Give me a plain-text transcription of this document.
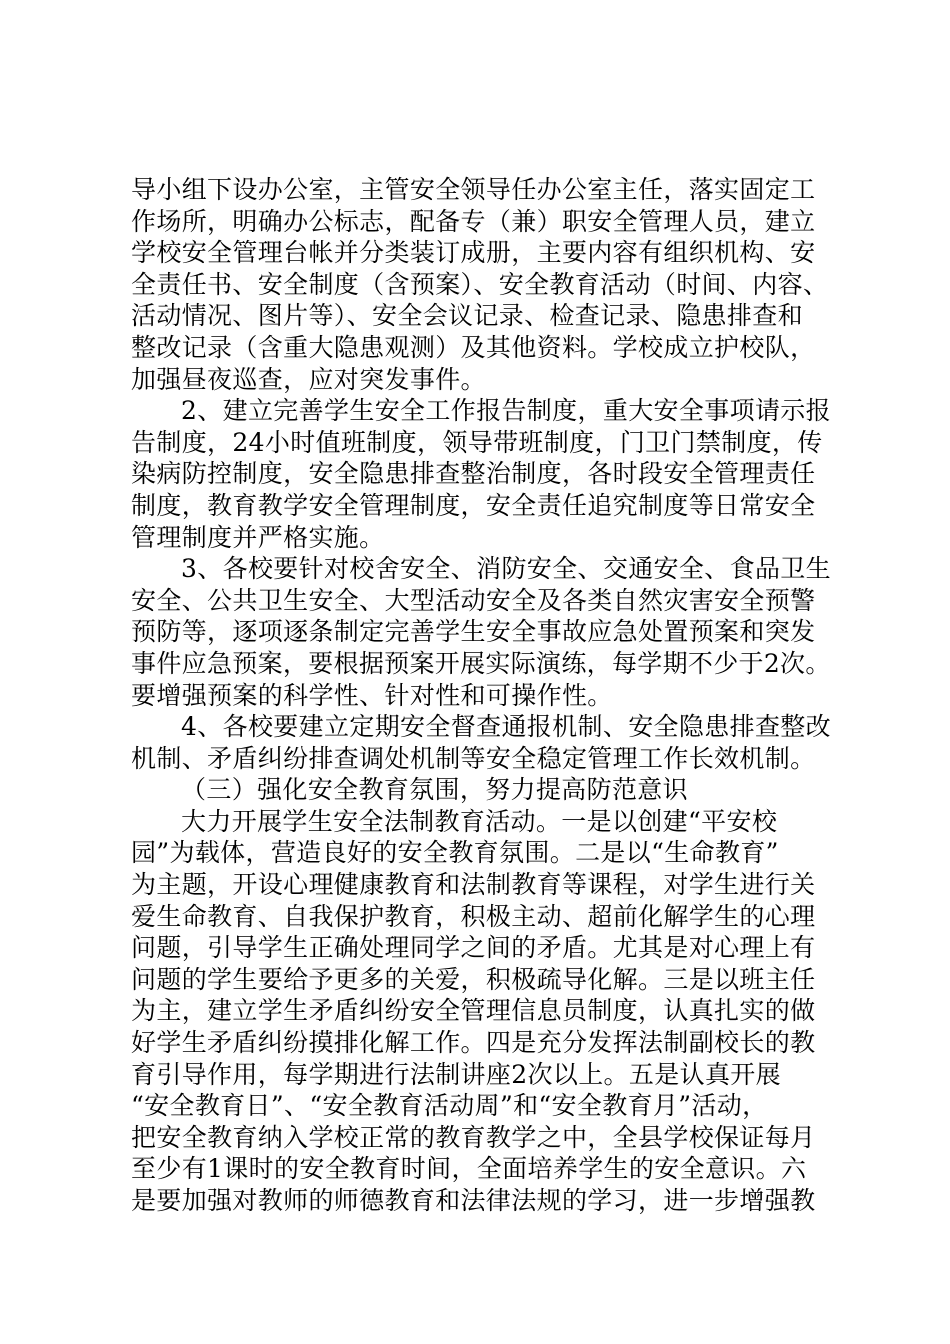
导小组下设办公室，主管安全领导任办公室主任，落实固定工
作场所，明确办公标志，配备专（兼）职安全管理人员，建立
学校安全管理台帐并分类装订成册，主要内容有组织机构、安
全责任书、安全制度（含预案）、安全教育活动（时间、内容、
活动情况、图片等）、安全会议记录、检查记录、隐患排查和
整改记录（含重大隐患观测）及其他资料。学校成立护校队，
加强昼夜巡查，应对突发事件。
2、建立完善学生安全工作报告制度，重大安全事项请示报
告制度，24小时值班制度，领导带班制度，门卫门禁制度，传
染病防控制度，安全隐患排查整治制度，各时段安全管理责任
制度，教育教学安全管理制度，安全责任追究制度等日常安全
管理制度并严格实施。
3、各校要针对校舍安全、消防安全、交通安全、食品卫生
安全、公共卫生安全、大型活动安全及各类自然灾害安全预警
预防等，逐项逐条制定完善学生安全事故应急处置预案和突发
事件应急预案，要根据预案开展实际演练，每学期不少于2次。
要增强预案的科学性、针对性和可操作性。
4、各校要建立定期安全督查通报机制、安全隐患排查整改
机制、矛盾纠纷排查调处机制等安全稳定管理工作长效机制。
（三）强化安全教育氛围，努力提高防范意识
大力开展学生安全法制教育活动。一是以创建“平安校
园”为载体，营造良好的安全教育氛围。二是以“生命教育”
为主题，开设心理健康教育和法制教育等课程，对学生进行关
爱生命教育、自我保护教育，积极主动、超前化解学生的心理
问题，引导学生正确处理同学之间的矛盾。尤其是对心理上有
问题的学生要给予更多的关爱，积极疏导化解。三是以班主任
为主，建立学生矛盾纠纷安全管理信息员制度，认真扎实的做
好学生矛盾纠纷摸排化解工作。四是充分发挥法制副校长的教
育引导作用，每学期进行法制讲座2次以上。五是认真开展
“安全教育日”、“安全教育活动周”和“安全教育月”活动，
把安全教育纳入学校正常的教育教学之中，全县学校保证每月
至少有1课时的安全教育时间，全面培养学生的安全意识。六
是要加强对教师的师德教育和法律法规的学习，进一步增强教
